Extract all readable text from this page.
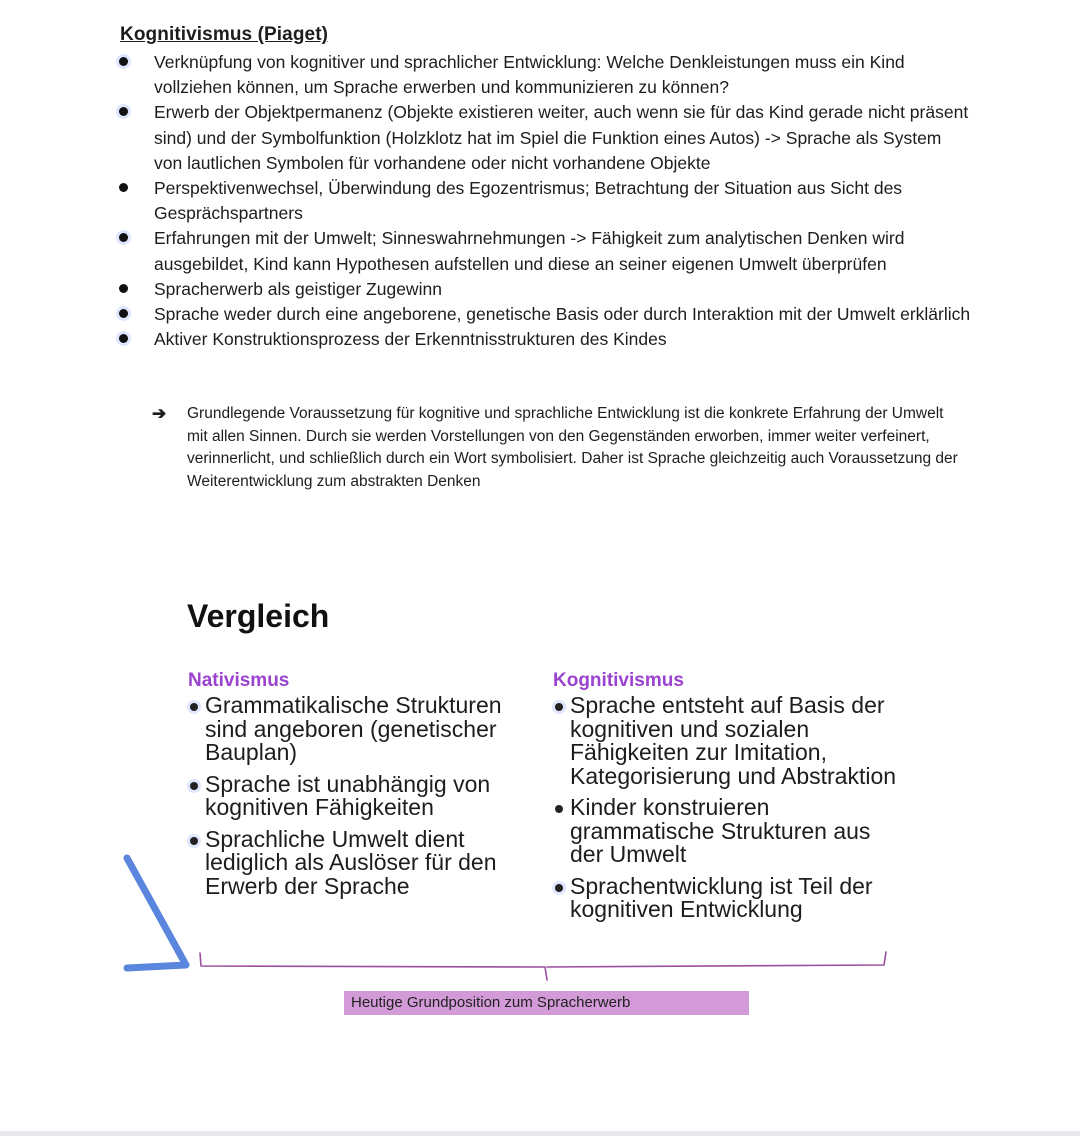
Kognitivismus (Piaget)
Verknüpfung von kognitiver und sprachlicher Entwicklung: Welche Denkleistungen muss ein Kind vollziehen können, um Sprache erwerben und kommunizieren zu können?
Erwerb der Objektpermanenz (Objekte existieren weiter, auch wenn sie für das Kind gerade nicht präsent sind) und der Symbolfunktion (Holzklotz hat im Spiel die Funktion eines Autos) -> Sprache als System von lautlichen Symbolen für vorhandene oder nicht vorhandene Objekte
Perspektivenwechsel, Überwindung des Egozentrismus; Betrachtung der Situation aus Sicht des Gesprächspartners
Erfahrungen mit der Umwelt; Sinneswahrnehmungen -> Fähigkeit zum analytischen Denken wird ausgebildet, Kind kann Hypothesen aufstellen und diese an seiner eigenen Umwelt überprüfen
Spracherwerb als geistiger Zugewinn
Sprache weder durch eine angeborene, genetische Basis oder durch Interaktion mit der Umwelt erklärlich
Aktiver Konstruktionsprozess der Erkenntnisstrukturen des Kindes
➔ Grundlegende Voraussetzung für kognitive und sprachliche Entwicklung ist die konkrete Erfahrung der Umwelt mit allen Sinnen. Durch sie werden Vorstellungen von den Gegenständen erworben, immer weiter verfeinert, verinnerlicht, und schließlich durch ein Wort symbolisiert. Daher ist Sprache gleichzeitig auch Voraussetzung der Weiterentwicklung zum abstrakten Denken
Vergleich
Nativismus
Grammatikalische Strukturen sind angeboren (genetischer Bauplan)
Sprache ist unabhängig von kognitiven Fähigkeiten
Sprachliche Umwelt dient lediglich als Auslöser für den Erwerb der Sprache
Kognitivismus
Sprache entsteht auf Basis der kognitiven und sozialen Fähigkeiten zur Imitation, Kategorisierung und Abstraktion
Kinder konstruieren grammatische Strukturen aus der Umwelt
Sprachentwicklung ist Teil der kognitiven Entwicklung
Heutige Grundposition zum Spracherwerb
